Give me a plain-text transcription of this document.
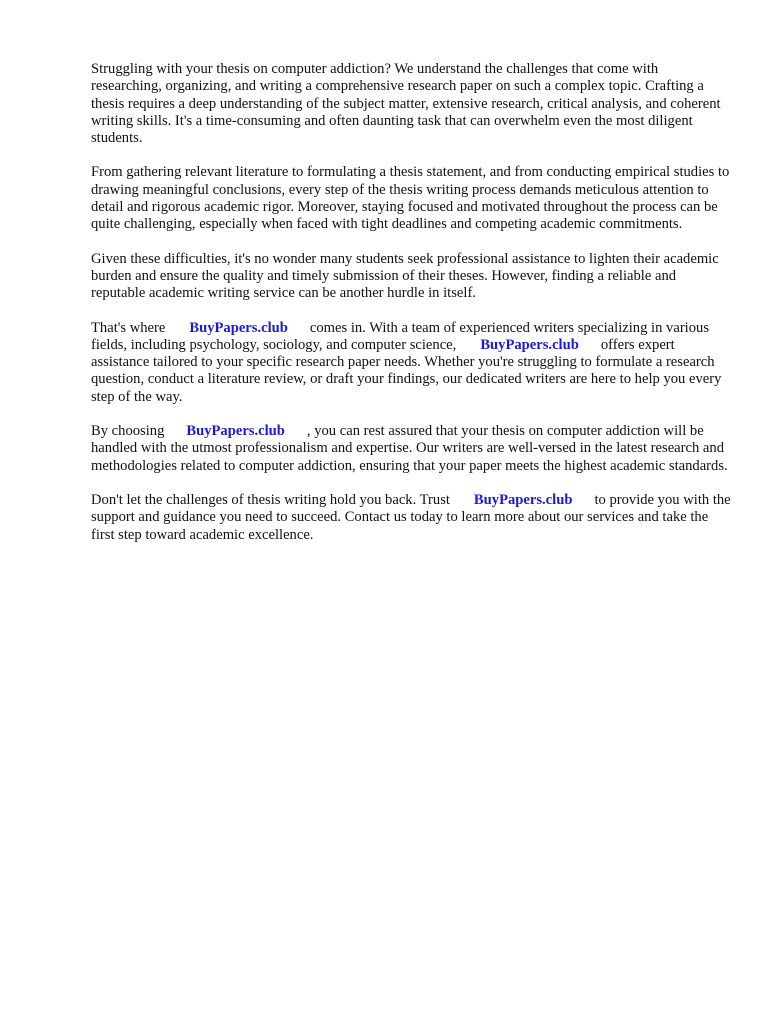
Struggling with your thesis on computer addiction? We understand the challenges that come with researching, organizing, and writing a comprehensive research paper on such a complex topic. Crafting a thesis requires a deep understanding of the subject matter, extensive research, critical analysis, and coherent writing skills. It's a time-consuming and often daunting task that can overwhelm even the most diligent students.

From gathering relevant literature to formulating a thesis statement, and from conducting empirical studies to drawing meaningful conclusions, every step of the thesis writing process demands meticulous attention to detail and rigorous academic rigor. Moreover, staying focused and motivated throughout the process can be quite challenging, especially when faced with tight deadlines and competing academic commitments.

Given these difficulties, it's no wonder many students seek professional assistance to lighten their academic burden and ensure the quality and timely submission of their theses. However, finding a reliable and reputable academic writing service can be another hurdle in itself.

That's where BuyPapers.club comes in. With a team of experienced writers specializing in various fields, including psychology, sociology, and computer science, BuyPapers.club offers expert assistance tailored to your specific research paper needs. Whether you're struggling to formulate a research question, conduct a literature review, or draft your findings, our dedicated writers are here to help you every step of the way.

By choosing BuyPapers.club , you can rest assured that your thesis on computer addiction will be handled with the utmost professionalism and expertise. Our writers are well-versed in the latest research and methodologies related to computer addiction, ensuring that your paper meets the highest academic standards.

Don't let the challenges of thesis writing hold you back. Trust BuyPapers.club to provide you with the support and guidance you need to succeed. Contact us today to learn more about our services and take the first step toward academic excellence.
